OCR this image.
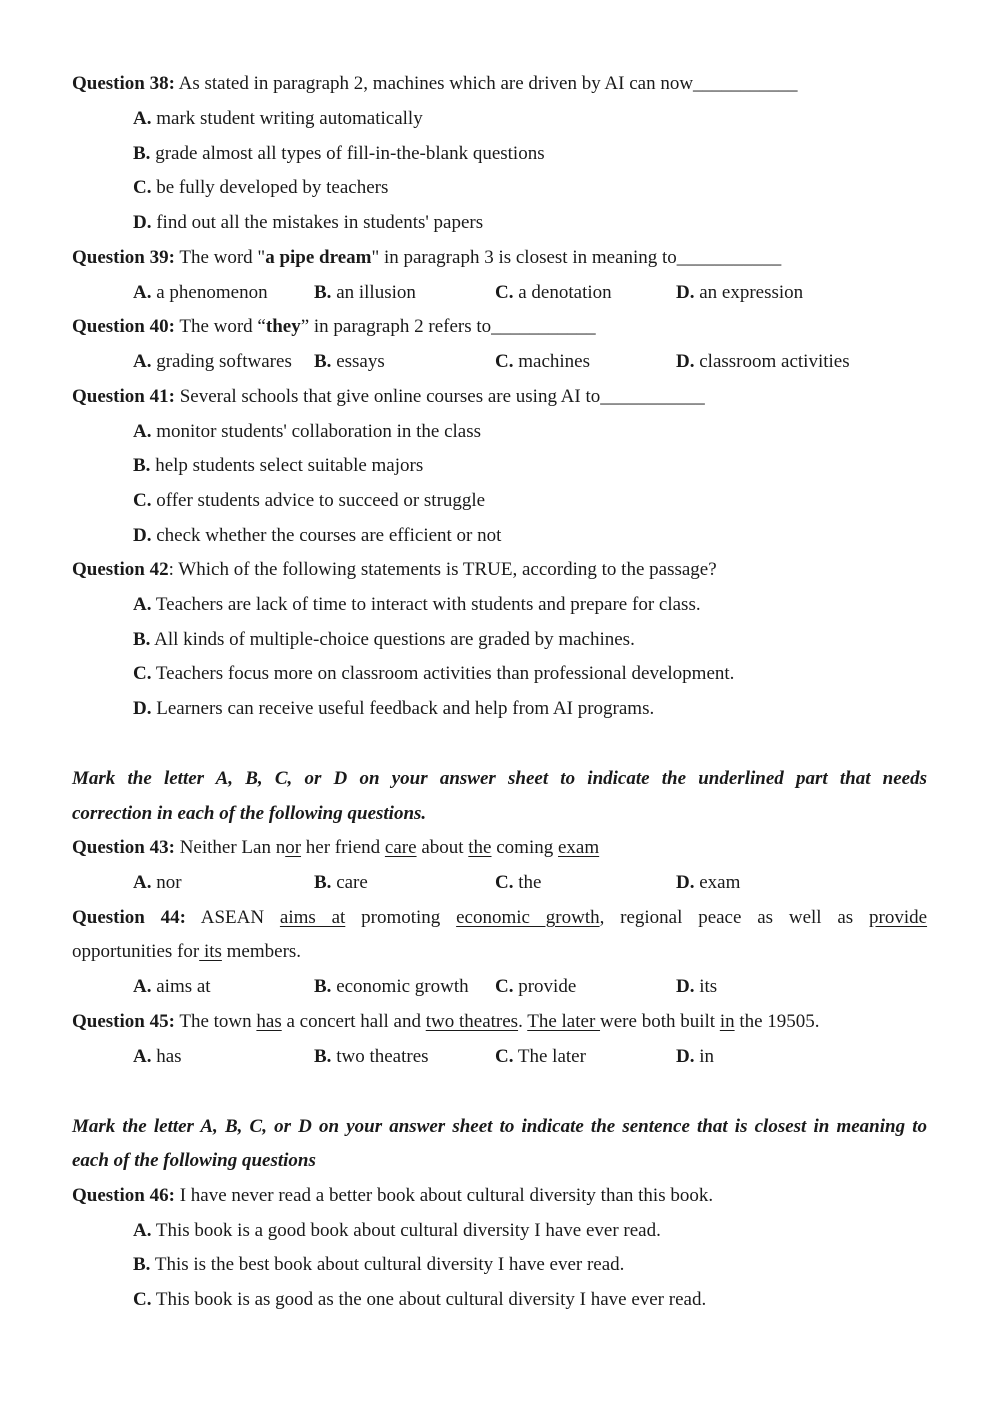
Question 38: As stated in paragraph 2, machines which are driven by AI can now___________
A. mark student writing automatically
B. grade almost all types of fill-in-the-blank questions
C. be fully developed by teachers
D. find out all the mistakes in students' papers
Question 39: The word "a pipe dream" in paragraph 3 is closest in meaning to___________
A. a phenomenon B. an illusion	C. a denotation	D. an expression
Question 40: The word “they” in paragraph 2 refers to___________
A. grading softwares B. essays	C. machines	D. classroom activities
Question 41: Several schools that give online courses are using AI to___________
A. monitor students' collaboration in the class
B. help students select suitable majors
C. offer students advice to succeed or struggle
D. check whether the courses are efficient or not
Question 42: Which of the following statements is TRUE, according to the passage?
A. Teachers are lack of time to interact with students and prepare for class.
B. All kinds of multiple-choice questions are graded by machines.
C. Teachers focus more on classroom activities than professional development.
D. Learners can receive useful feedback and help from AI programs.
Mark the letter A, B, C, or D on your answer sheet to indicate the underlined part that needs
correction in each of the following questions.
Question 43: Neither Lan nor her friend care about the coming exam
A. nor	B. care	C. the	D. exam
Question 44: ASEAN aims at promoting economic growth, regional peace as well as provide
opportunities for its members.
A. aims at	B. economic growth C. provide	D. its
Question 45: The town has a concert hall and two theatres. The later were both built in the 19505.
A. has	B. two theatres	C. The later	D. in
Mark the letter A, B, C, or D on your answer sheet to indicate the sentence that is closest in meaning to
each of the following questions
Question 46: I have never read a better book about cultural diversity than this book.
A. This book is a good book about cultural diversity I have ever read.
B. This is the best book about cultural diversity I have ever read.
C. This book is as good as the one about cultural diversity I have ever read.
